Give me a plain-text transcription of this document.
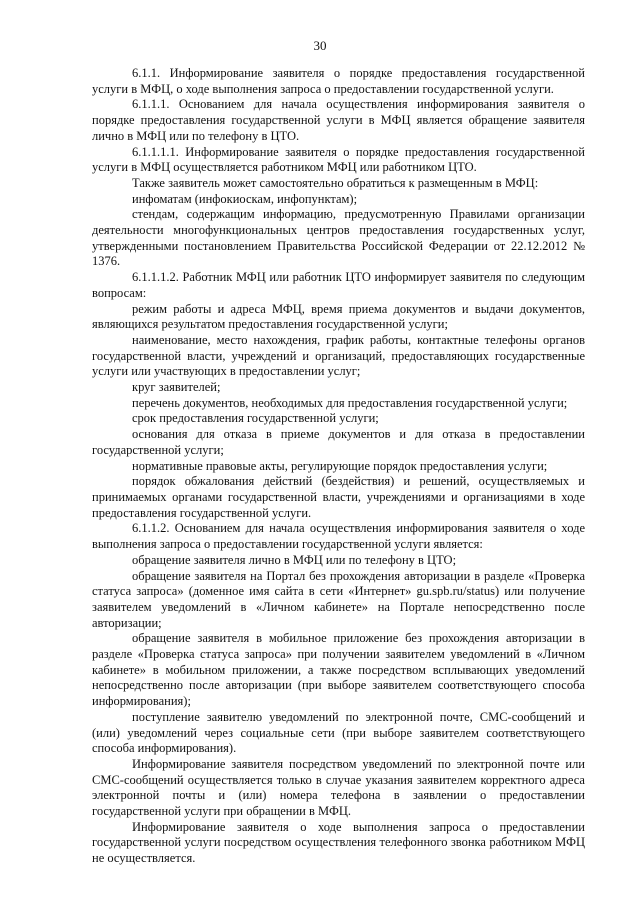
30

6.1.1. Информирование заявителя о порядке предоставления государственной услуги в МФЦ, о ходе выполнения запроса о предоставлении государственной услуги.

6.1.1.1. Основанием для начала осуществления информирования заявителя о порядке предоставления государственной услуги в МФЦ является обращение заявителя лично в МФЦ или по телефону в ЦТО.

6.1.1.1.1. Информирование заявителя о порядке предоставления государственной услуги в МФЦ осуществляется работником МФЦ или работником ЦТО.

Также заявитель может самостоятельно обратиться к размещенным в МФЦ:

инфоматам (инфокиоскам, инфопунктам);

стендам, содержащим информацию, предусмотренную Правилами организации деятельности многофункциональных центров предоставления государственных услуг, утвержденными постановлением Правительства Российской Федерации от 22.12.2012 № 1376.

6.1.1.1.2. Работник МФЦ или работник ЦТО информирует заявителя по следующим вопросам:

режим работы и адреса МФЦ, время приема документов и выдачи документов, являющихся результатом предоставления государственной услуги;

наименование, место нахождения, график работы, контактные телефоны органов государственной власти, учреждений и организаций, предоставляющих государственные услуги или участвующих в предоставлении услуг;

круг заявителей;

перечень документов, необходимых для предоставления государственной услуги;

срок предоставления государственной услуги;

основания для отказа в приеме документов и для отказа в предоставлении государственной услуги;

нормативные правовые акты, регулирующие порядок предоставления услуги;

порядок обжалования действий (бездействия) и решений, осуществляемых и принимаемых органами государственной власти, учреждениями и организациями в ходе предоставления государственной услуги.

6.1.1.2. Основанием для начала осуществления информирования заявителя о ходе выполнения запроса о предоставлении государственной услуги является:

обращение заявителя лично в МФЦ или по телефону в ЦТО;

обращение заявителя на Портал без прохождения авторизации в разделе «Проверка статуса запроса» (доменное имя сайта в сети «Интернет» gu.spb.ru/status) или получение заявителем уведомлений в «Личном кабинете» на Портале непосредственно после авторизации;

обращение заявителя в мобильное приложение без прохождения авторизации в разделе «Проверка статуса запроса» при получении заявителем уведомлений в «Личном кабинете» в мобильном приложении, а также посредством всплывающих уведомлений непосредственно после авторизации (при выборе заявителем соответствующего способа информирования);

поступление заявителю уведомлений по электронной почте, СМС-сообщений и (или) уведомлений через социальные сети (при выборе заявителем соответствующего способа информирования).

Информирование заявителя посредством уведомлений по электронной почте или СМС-сообщений осуществляется только в случае указания заявителем корректного адреса электронной почты и (или) номера телефона в заявлении о предоставлении государственной услуги при обращении в МФЦ.

Информирование заявителя о ходе выполнения запроса о предоставлении государственной услуги посредством осуществления телефонного звонка работником МФЦ не осуществляется.
